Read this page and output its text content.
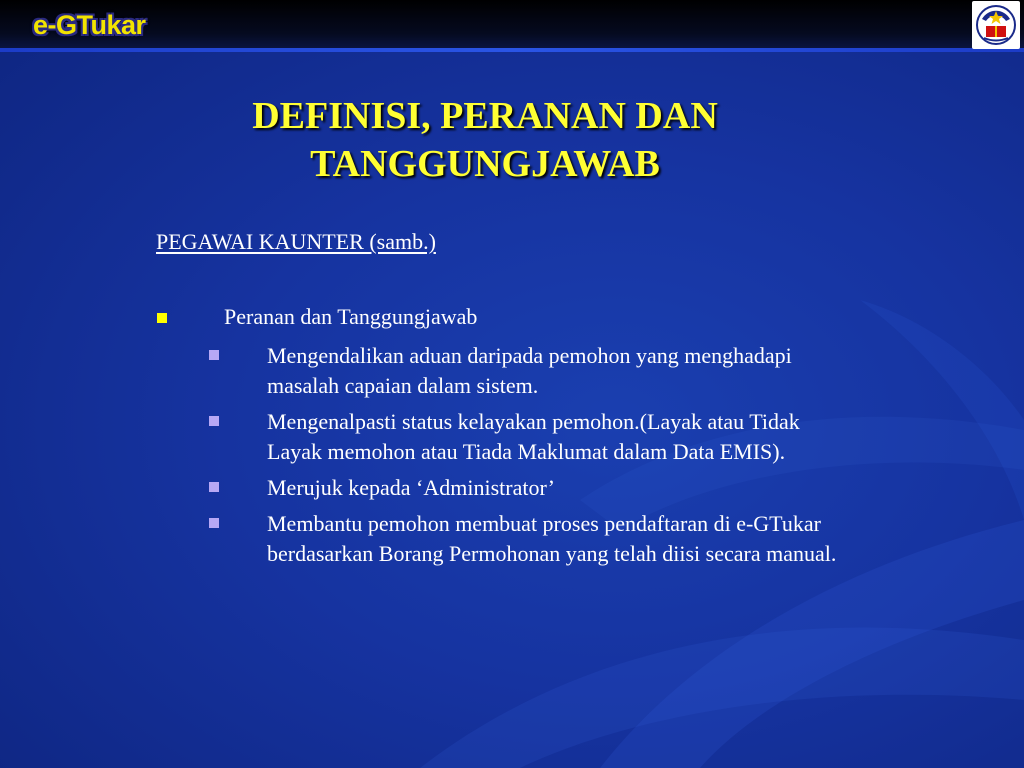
e-GTukar
DEFINISI, PERANAN DAN
TANGGUNGJAWAB
PEGAWAI KAUNTER (samb.)
Peranan dan Tanggungjawab
Mengendalikan aduan daripada pemohon yang menghadapi masalah capaian dalam sistem.
Mengenalpasti status kelayakan pemohon.(Layak atau Tidak Layak memohon atau Tiada Maklumat dalam Data EMIS).
Merujuk kepada ‘Administrator’
Membantu pemohon membuat proses pendaftaran di e-GTukar berdasarkan Borang Permohonan yang telah diisi secara manual.
